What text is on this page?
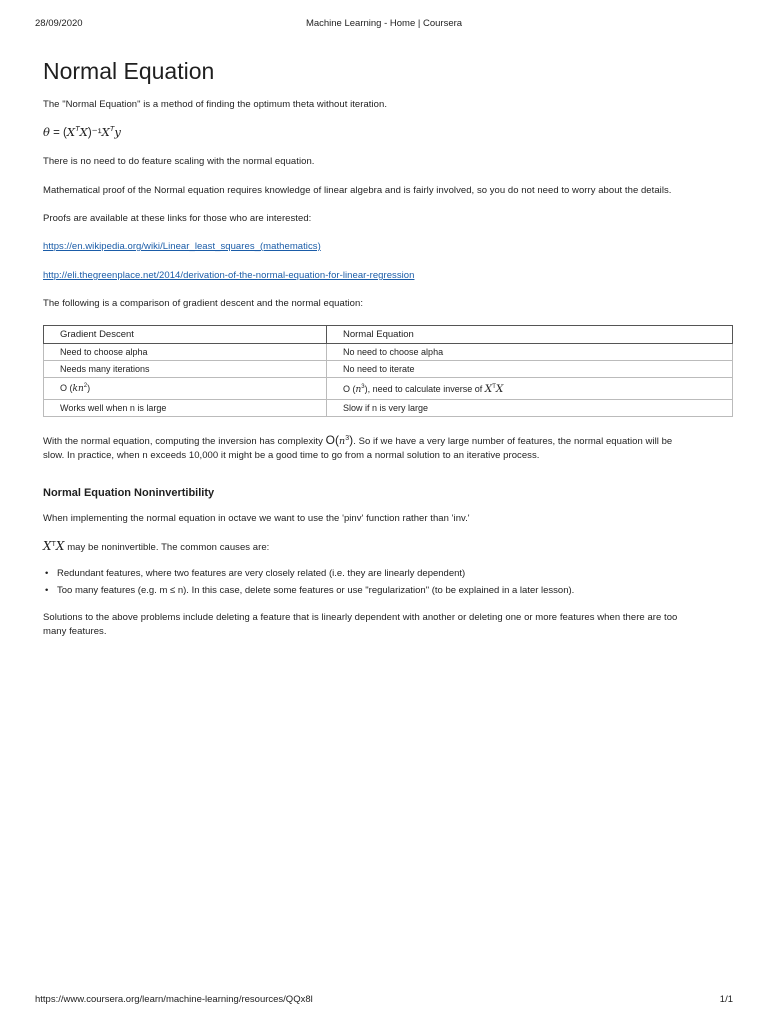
28/09/2020	Machine Learning - Home | Coursera
Normal Equation

The "Normal Equation" is a method of finding the optimum theta without iteration.

$\theta = (X^TX)^{-1}X^Ty$

There is no need to do feature scaling with the normal equation.

Mathematical proof of the Normal equation requires knowledge of linear algebra and is fairly involved, so you do not need to worry about the details.

Proofs are available at these links for those who are interested:

https://en.wikipedia.org/wiki/Linear_least_squares_(mathematics)

http://eli.thegreenplace.net/2014/derivation-of-the-normal-equation-for-linear-regression

The following is a comparison of gradient descent and the normal equation:

Gradient Descent	Normal Equation
Need to choose alpha	No need to choose alpha
Needs many iterations	No need to iterate
O $(kn^2)$	O $(n^3)$, need to calculate inverse of $X^TX$
Works well when n is large	Slow if n is very large

With the normal equation, computing the inversion has complexity $O(n^3)$. So if we have a very large number of features, the normal equation will be
slow. In practice, when n exceeds 10,000 it might be a good time to go from a normal solution to an iterative process.

Normal Equation Noninvertibility

When implementing the normal equation in octave we want to use the 'pinv' function rather than 'inv.'

$X^TX$ may be noninvertible. The common causes are:

• Redundant features, where two features are very closely related (i.e. they are linearly dependent)
• Too many features (e.g. m ≤ n). In this case, delete some features or use "regularization" (to be explained in a later lesson).

Solutions to the above problems include deleting a feature that is linearly dependent with another or deleting one or more features when there are too
many features.

https://www.coursera.org/learn/machine-learning/resources/QQx8l	1/1
